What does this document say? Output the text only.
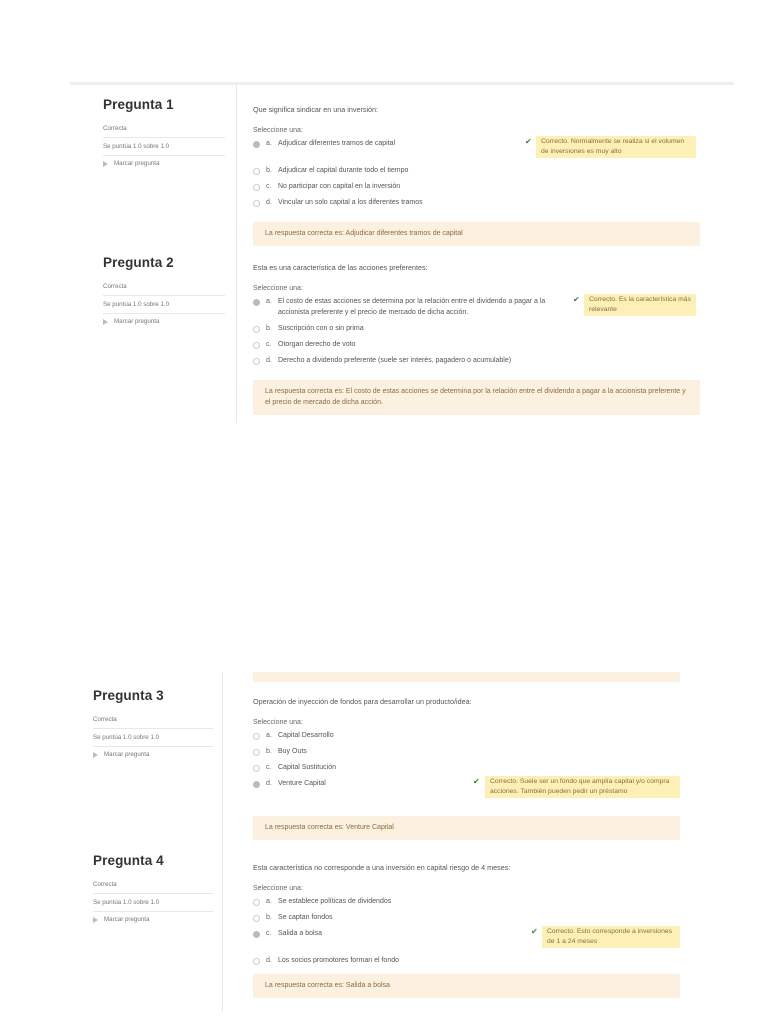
Pregunta 1
Correcta
Se puntúa 1.0 sobre 1.0
Marcar pregunta
Que significa sindicar en una inversión:
Seleccione una:
a. Adjudicar diferentes tramos de capital
b. Adjudicar el capital durante todo el tiempo
c. No participar con capital en la inversión
d. Vincular un solo capital a los diferentes tramos
✔	Correcto. Normalmente se realiza si el volumen de inversiones es muy alto
La respuesta correcta es: Adjudicar diferentes tramos de capital
Pregunta 2
Correcta
Se puntúa 1.0 sobre 1.0
Marcar pregunta
Esta es una característica de las acciones preferentes:
Seleccione una:
a. El costo de estas acciones se determina por la relación entre el dividendo a pagar a la accionista preferente y el precio de mercado de dicha acción.
b. Suscripción con o sin prima
c. Otorgan derecho de voto
d. Derecho a dividendo preferente (suele ser interés, pagadero o acumulable)
✔	Correcto. Es la característica más relevante
La respuesta correcta es: El costo de estas acciones se determina por la relación entre el dividendo a pagar a la accionista preferente y el precio de mercado de dicha acción.
Pregunta 3
Correcta
Se puntúa 1.0 sobre 1.0
Marcar pregunta
Operación de inyección de fondos para desarrollar un producto/idea:
Seleccione una:
a. Capital Desarrollo
b. Buy Outs
c. Capital Sustitución
d. Venture Capital	✔	Correcto. Suele ser un fondo que amplía capital y/o compra acciones. También pueden pedir un préstamo
La respuesta correcta es: Venture Capital
Pregunta 4
Correcta
Se puntúa 1.0 sobre 1.0
Marcar pregunta
Esta característica no corresponde a una inversión en capital riesgo de 4 meses:
Seleccione una:
a. Se establece políticas de dividendos
b. Se captan fondos
c. Salida a bolsa
d. Los socios promotores forman el fondo
✔	Correcto. Esto corresponde a inversiones de 1 a 24 meses
La respuesta correcta es: Salida a bolsa
